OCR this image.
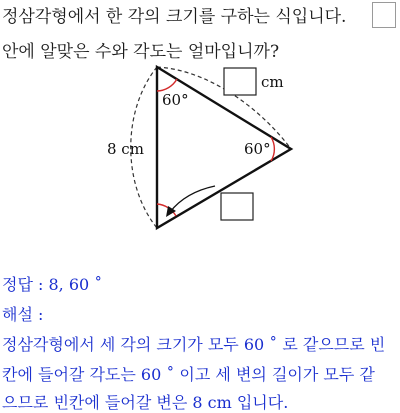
정삼각형에서 한 각의 크기를 구하는 식입니다.
안에 알맞은 수와 각도는 얼마입니까?
60°
60°
8 cm
cm
정답 : 8, 60 ˚
해설 :
정삼각형에서 세 각의 크기가 모두 60 ˚ 로 같으므로 빈
칸에 들어갈 각도는 60 ˚ 이고 세 변의 길이가 모두 같
으므로 빈칸에 들어갈 변은 8 cm 입니다.
